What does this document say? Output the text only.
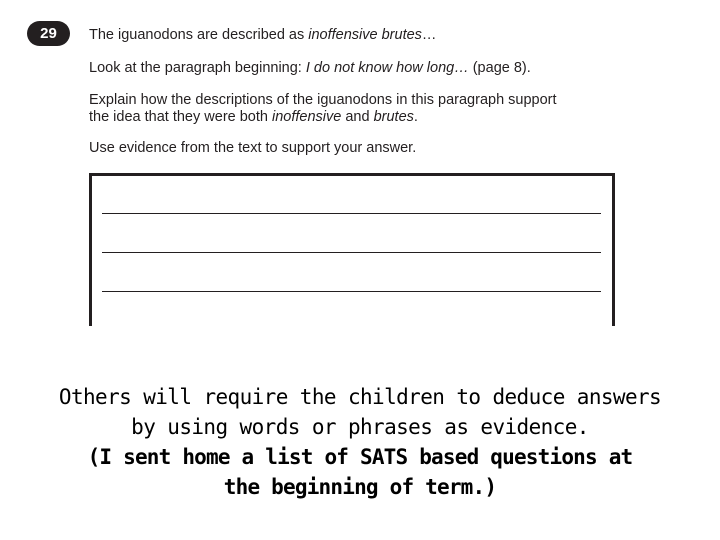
29	The iguanodons are described as inoffensive brutes…

Look at the paragraph beginning: I do not know how long… (page 8).

Explain how the descriptions of the iguanodons in this paragraph support
the idea that they were both inoffensive and brutes.

Use evidence from the text to support your answer.

Others will require the children to deduce answers

by using words or phrases as evidence.

(I sent home a list of SATS based questions at

the beginning of term.)
